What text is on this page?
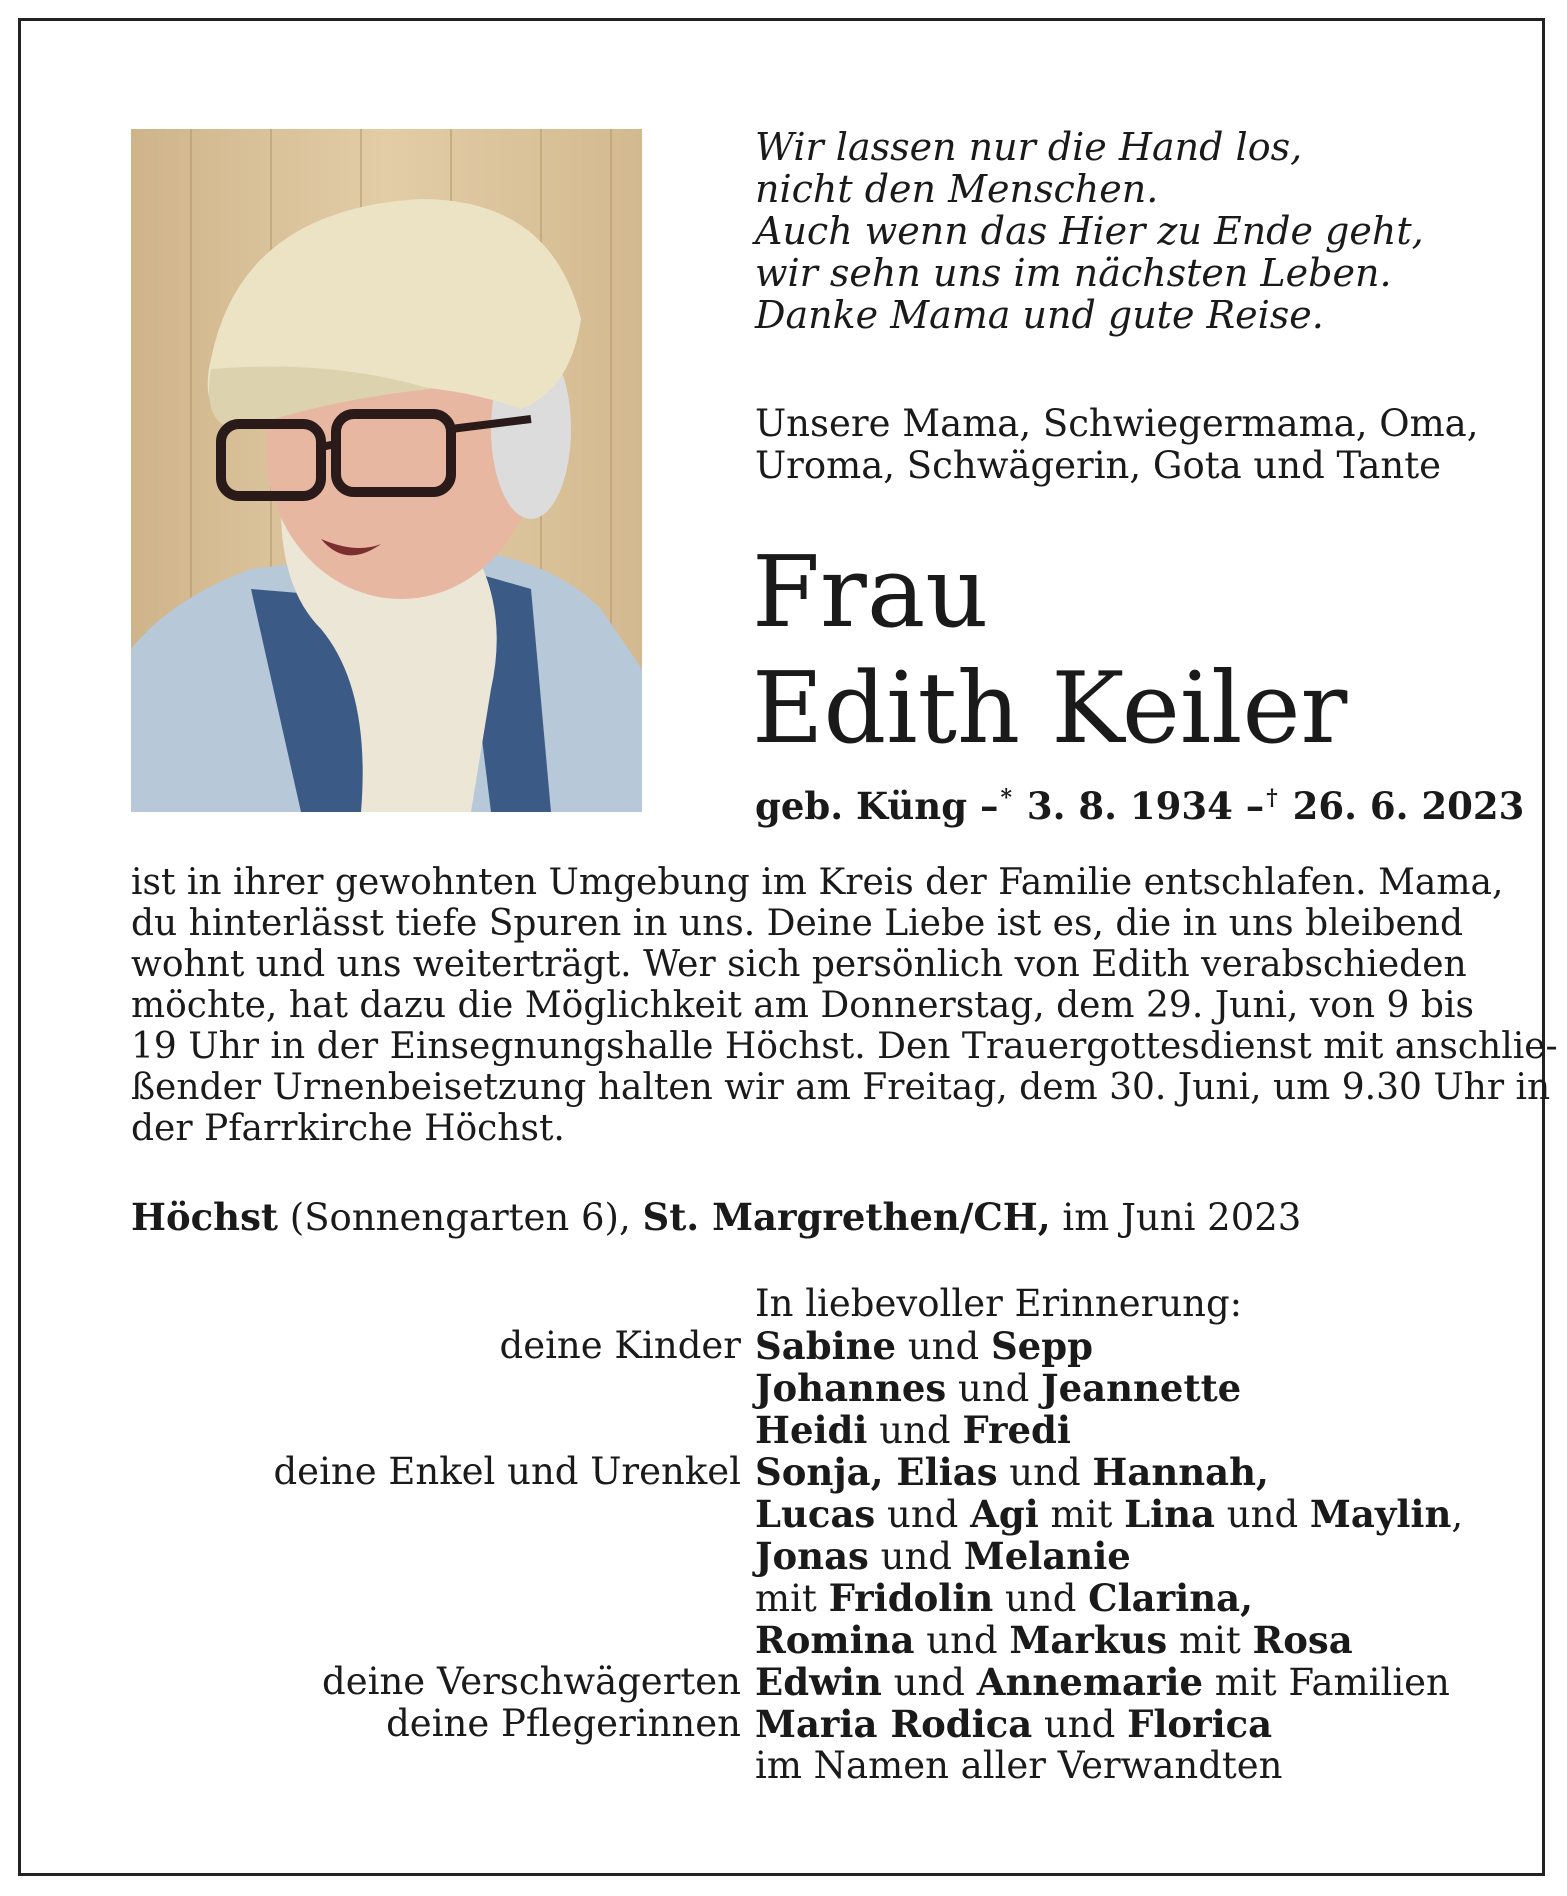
Wir lassen nur die Hand los,
nicht den Menschen.
Auch wenn das Hier zu Ende geht,
wir sehn uns im nächsten Leben.
Danke Mama und gute Reise.
Unsere Mama, Schwiegermama, Oma,
Uroma, Schwägerin, Gota und Tante
Frau
Edith Keiler
geb. Küng –* 3. 8. 1934 –† 26. 6. 2023
ist in ihrer gewohnten Umgebung im Kreis der Familie entschlafen. Mama,
du hinterlässt tiefe Spuren in uns. Deine Liebe ist es, die in uns bleibend
wohnt und uns weiterträgt. Wer sich persönlich von Edith verabschieden
möchte, hat dazu die Möglichkeit am Donnerstag, dem 29. Juni, von 9 bis
19 Uhr in der Einsegnungshalle Höchst. Den Trauergottesdienst mit anschlie-
ßender Urnenbeisetzung halten wir am Freitag, dem 30. Juni, um 9.30 Uhr in
der Pfarrkirche Höchst.
Höchst (Sonnengarten 6), St. Margrethen/CH, im Juni 2023
In liebevoller Erinnerung:
deine Kinder Sabine und Sepp
Johannes und Jeannette
Heidi und Fredi
deine Enkel und Urenkel Sonja, Elias und Hannah,
Lucas und Agi mit Lina und Maylin,
Jonas und Melanie
mit Fridolin und Clarina,
Romina und Markus mit Rosa
deine Verschwägerten Edwin und Annemarie mit Familien
deine Pflegerinnen Maria Rodica und Florica
im Namen aller Verwandten
